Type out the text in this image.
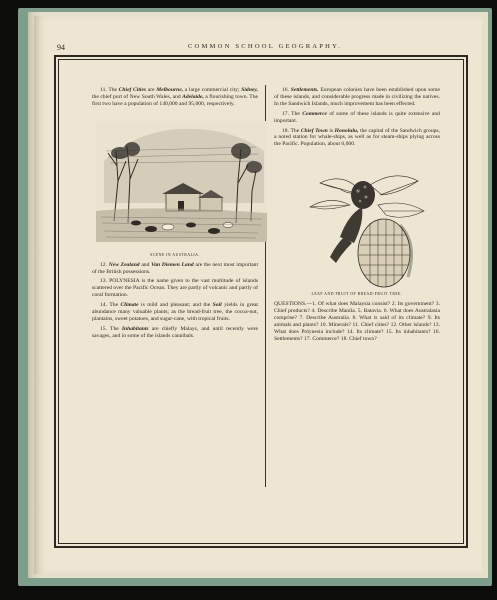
94	COMMON SCHOOL GEOGRAPHY.

11. The Chief Cities are Melbourne, a large commercial city; Sidney, the chief port of New South Wales, and Adelaide, a flourishing town. The first two have a population of 140,000 and 95,000, respectively.

SCENE IN AUSTRALIA.

12. New Zealand and Van Diemen Land are the next most important of the British possessions.

13. POLYNESIA is the name given to the vast multitude of islands scattered over the Pacific Ocean. They are partly of volcanic and partly of coral formation.

14. The Climate is mild and pleasant; and the Soil yields in great abundance many valuable plants; as the bread-fruit tree, the cocoa-nut, plantains, sweet potatoes, and sugar-cane, with tropical fruits.

15. The Inhabitants are chiefly Malays, and until recently were savages, and in some of the islands cannibals.

16. Settlements. European colonies have been established upon some of these islands, and considerable progress made in civilizing the natives. In the Sandwich Islands, much improvement has been effected.

17. The Commerce of some of these islands is quite extensive and important.

18. The Chief Town is Honolulu, the capital of the Sandwich groups, a noted station for whale-ships, as well as for steam-ships plying across the Pacific. Population, about 6,000.

LEAF AND FRUIT OF BREAD-FRUIT TREE.

QUESTIONS.—1. Of what does Malaysia consist? 2. Its government? 3. Chief products? 4. Describe Manila. 5. Batavia. 6. What does Australasia comprise? 7. Describe Australia. 8. What is said of its climate? 9. Its animals and plants? 10. Minerals? 11. Chief cities? 12. Other islands? 13. What does Polynesia include? 14. Its climate? 15. Its inhabitants? 16. Settlements? 17. Commerce? 18. Chief town?
